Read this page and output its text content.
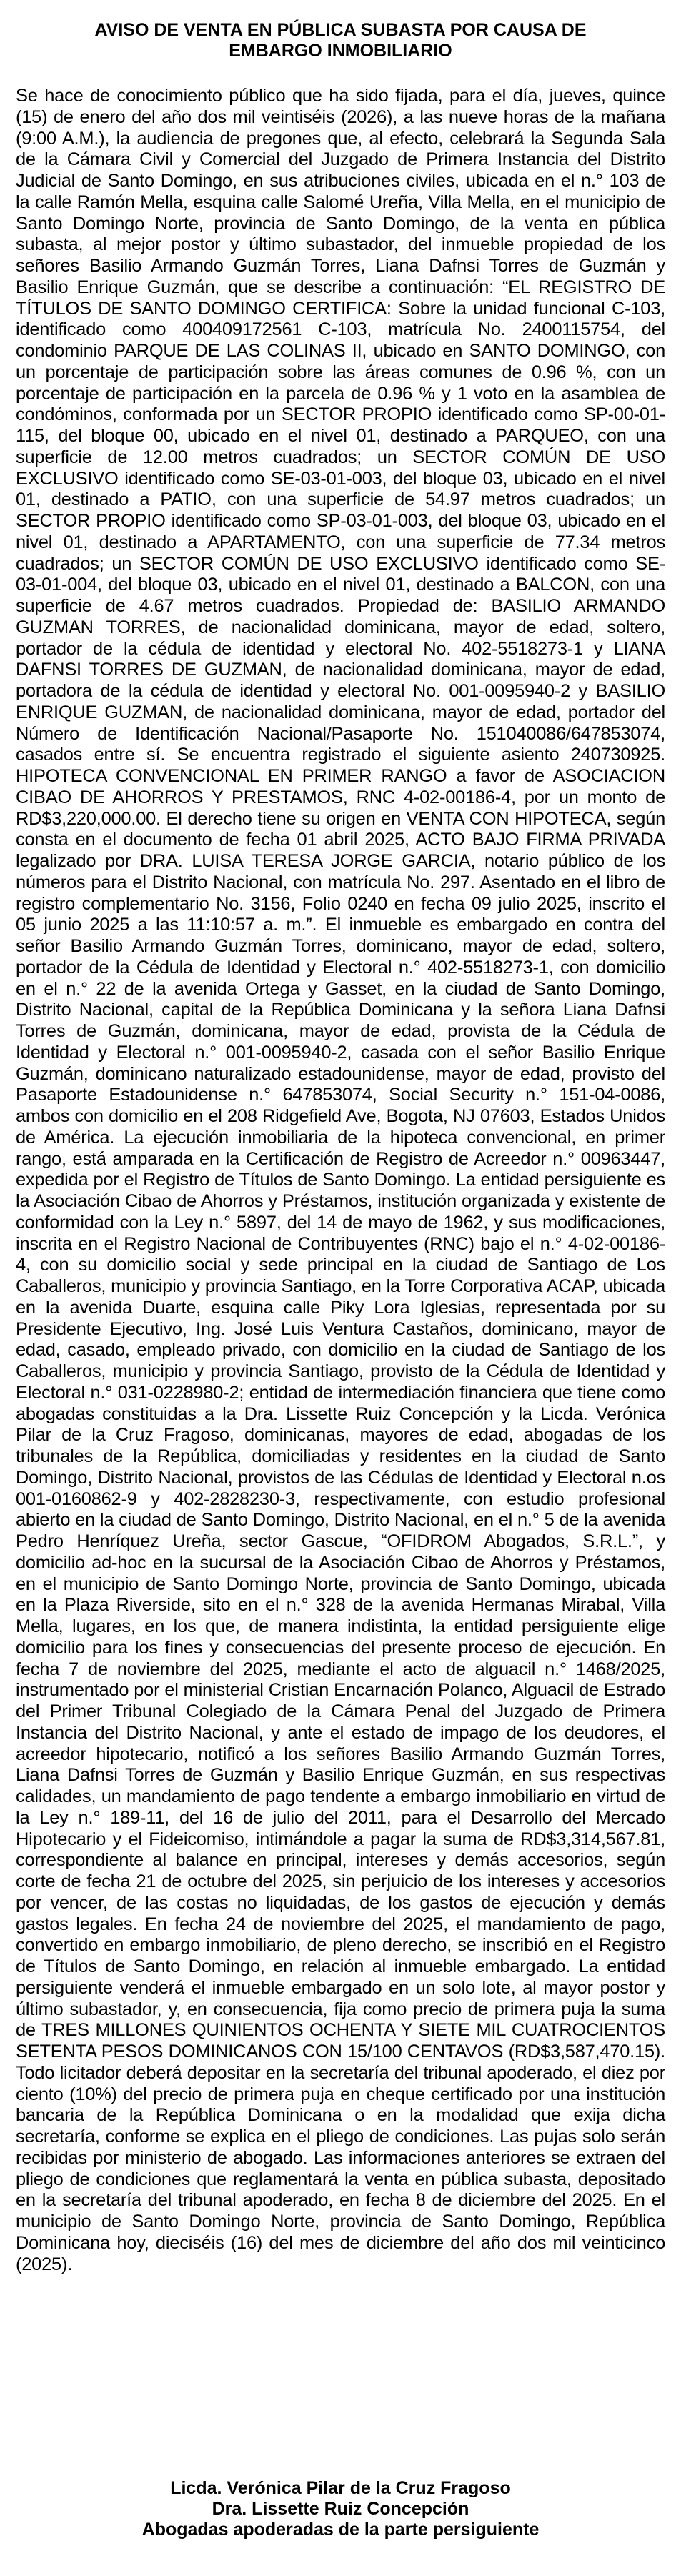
AVISO DE VENTA EN PÚBLICA SUBASTA POR CAUSA DE
EMBARGO INMOBILIARIO

Se hace de conocimiento público que ha sido fijada, para el día, jueves, quince (15) de enero del año dos mil veintiséis (2026), a las nueve horas de la mañana (9:00 A.M.), la audiencia de pregones que, al efecto, celebrará la Segunda Sala de la Cámara Civil y Comercial del Juzgado de Primera Instancia del Distrito Judicial de Santo Domingo, en sus atribuciones civiles, ubicada en el n.° 103 de la calle Ramón Mella, esquina calle Salomé Ureña, Villa Mella, en el municipio de Santo Domingo Norte, provincia de Santo Domingo, de la venta en pública subasta, al mejor postor y último subastador, del inmueble propiedad de los señores Basilio Armando Guzmán Torres, Liana Dafnsi Torres de Guzmán y Basilio Enrique Guzmán, que se describe a continuación: “EL REGISTRO DE TÍTULOS DE SANTO DOMINGO CERTIFICA: Sobre la unidad funcional C-103, identificado como 400409172561 C-103, matrícula No. 2400115754, del condominio PARQUE DE LAS COLINAS II, ubicado en SANTO DOMINGO, con un porcentaje de participación sobre las áreas comunes de 0.96 %, con un porcentaje de participación en la parcela de 0.96 % y 1 voto en la asamblea de condóminos, conformada por un SECTOR PROPIO identificado como SP-00-01-115, del bloque 00, ubicado en el nivel 01, destinado a PARQUEO, con una superficie de 12.00 metros cuadrados; un SECTOR COMÚN DE USO EXCLUSIVO identificado como SE-03-01-003, del bloque 03, ubicado en el nivel 01, destinado a PATIO, con una superficie de 54.97 metros cuadrados; un SECTOR PROPIO identificado como SP-03-01-003, del bloque 03, ubicado en el nivel 01, destinado a APARTAMENTO, con una superficie de 77.34 metros cuadrados; un SECTOR COMÚN DE USO EXCLUSIVO identificado como SE-03-01-004, del bloque 03, ubicado en el nivel 01, destinado a BALCON, con una superficie de 4.67 metros cuadrados. Propiedad de: BASILIO ARMANDO GUZMAN TORRES, de nacionalidad dominicana, mayor de edad, soltero, portador de la cédula de identidad y electoral No. 402-5518273-1 y LIANA DAFNSI TORRES DE GUZMAN, de nacionalidad dominicana, mayor de edad, portadora de la cédula de identidad y electoral No. 001-0095940-2 y BASILIO ENRIQUE GUZMAN, de nacionalidad dominicana, mayor de edad, portador del Número de Identificación Nacional/Pasaporte No. 151040086/647853074, casados entre sí. Se encuentra registrado el siguiente asiento 240730925. HIPOTECA CONVENCIONAL EN PRIMER RANGO a favor de ASOCIACION CIBAO DE AHORROS Y PRESTAMOS, RNC 4-02-00186-4, por un monto de RD$3,220,000.00. El derecho tiene su origen en VENTA CON HIPOTECA, según consta en el documento de fecha 01 abril 2025, ACTO BAJO FIRMA PRIVADA legalizado por DRA. LUISA TERESA JORGE GARCIA, notario público de los números para el Distrito Nacional, con matrícula No. 297. Asentado en el libro de registro complementario No. 3156, Folio 0240 en fecha 09 julio 2025, inscrito el 05 junio 2025 a las 11:10:57 a. m.”. El inmueble es embargado en contra del señor Basilio Armando Guzmán Torres, dominicano, mayor de edad, soltero, portador de la Cédula de Identidad y Electoral n.° 402-5518273-1, con domicilio en el n.° 22 de la avenida Ortega y Gasset, en la ciudad de Santo Domingo, Distrito Nacional, capital de la República Dominicana y la señora Liana Dafnsi Torres de Guzmán, dominicana, mayor de edad, provista de la Cédula de Identidad y Electoral n.° 001-0095940-2, casada con el señor Basilio Enrique Guzmán, dominicano naturalizado estadounidense, mayor de edad, provisto del Pasaporte Estadounidense n.° 647853074, Social Security n.° 151-04-0086, ambos con domicilio en el 208 Ridgefield Ave, Bogota, NJ 07603, Estados Unidos de América. La ejecución inmobiliaria de la hipoteca convencional, en primer rango, está amparada en la Certificación de Registro de Acreedor n.° 00963447, expedida por el Registro de Títulos de Santo Domingo. La entidad persiguiente es la Asociación Cibao de Ahorros y Préstamos, institución organizada y existente de conformidad con la Ley n.° 5897, del 14 de mayo de 1962, y sus modificaciones, inscrita en el Registro Nacional de Contribuyentes (RNC) bajo el n.° 4-02-00186-4, con su domicilio social y sede principal en la ciudad de Santiago de Los Caballeros, municipio y provincia Santiago, en la Torre Corporativa ACAP, ubicada en la avenida Duarte, esquina calle Piky Lora Iglesias, representada por su Presidente Ejecutivo, Ing. José Luis Ventura Castaños, dominicano, mayor de edad, casado, empleado privado, con domicilio en la ciudad de Santiago de los Caballeros, municipio y provincia Santiago, provisto de la Cédula de Identidad y Electoral n.° 031-0228980-2; entidad de intermediación financiera que tiene como abogadas constituidas a la Dra. Lissette Ruiz Concepción y la Licda. Verónica Pilar de la Cruz Fragoso, dominicanas, mayores de edad, abogadas de los tribunales de la República, domiciliadas y residentes en la ciudad de Santo Domingo, Distrito Nacional, provistos de las Cédulas de Identidad y Electoral n.os 001-0160862-9 y 402-2828230-3, respectivamente, con estudio profesional abierto en la ciudad de Santo Domingo, Distrito Nacional, en el n.° 5 de la avenida Pedro Henríquez Ureña, sector Gascue, “OFIDROM Abogados, S.R.L.”, y domicilio ad-hoc en la sucursal de la Asociación Cibao de Ahorros y Préstamos, en el municipio de Santo Domingo Norte, provincia de Santo Domingo, ubicada en la Plaza Riverside, sito en el n.° 328 de la avenida Hermanas Mirabal, Villa Mella, lugares, en los que, de manera indistinta, la entidad persiguiente elige domicilio para los fines y consecuencias del presente proceso de ejecución. En fecha 7 de noviembre del 2025, mediante el acto de alguacil n.° 1468/2025, instrumentado por el ministerial Cristian Encarnación Polanco, Alguacil de Estrado del Primer Tribunal Colegiado de la Cámara Penal del Juzgado de Primera Instancia del Distrito Nacional, y ante el estado de impago de los deudores, el acreedor hipotecario, notificó a los señores Basilio Armando Guzmán Torres, Liana Dafnsi Torres de Guzmán y Basilio Enrique Guzmán, en sus respectivas calidades, un mandamiento de pago tendente a embargo inmobiliario en virtud de la Ley n.° 189-11, del 16 de julio del 2011, para el Desarrollo del Mercado Hipotecario y el Fideicomiso, intimándole a pagar la suma de RD$3,314,567.81, correspondiente al balance en principal, intereses y demás accesorios, según corte de fecha 21 de octubre del 2025, sin perjuicio de los intereses y accesorios por vencer, de las costas no liquidadas, de los gastos de ejecución y demás gastos legales. En fecha 24 de noviembre del 2025, el mandamiento de pago, convertido en embargo inmobiliario, de pleno derecho, se inscribió en el Registro de Títulos de Santo Domingo, en relación al inmueble embargado. La entidad persiguiente venderá el inmueble embargado en un solo lote, al mayor postor y último subastador, y, en consecuencia, fija como precio de primera puja la suma de TRES MILLONES QUINIENTOS OCHENTA Y SIETE MIL CUATROCIENTOS SETENTA PESOS DOMINICANOS CON 15/100 CENTAVOS (RD$3,587,470.15). Todo licitador deberá depositar en la secretaría del tribunal apoderado, el diez por ciento (10%) del precio de primera puja en cheque certificado por una institución bancaria de la República Dominicana o en la modalidad que exija dicha secretaría, conforme se explica en el pliego de condiciones. Las pujas solo serán recibidas por ministerio de abogado. Las informaciones anteriores se extraen del pliego de condiciones que reglamentará la venta en pública subasta, depositado en la secretaría del tribunal apoderado, en fecha 8 de diciembre del 2025. En el municipio de Santo Domingo Norte, provincia de Santo Domingo, República Dominicana hoy, dieciséis (16) del mes de diciembre del año dos mil veinticinco (2025).

Licda. Verónica Pilar de la Cruz Fragoso
Dra. Lissette Ruiz Concepción
Abogadas apoderadas de la parte persiguiente
